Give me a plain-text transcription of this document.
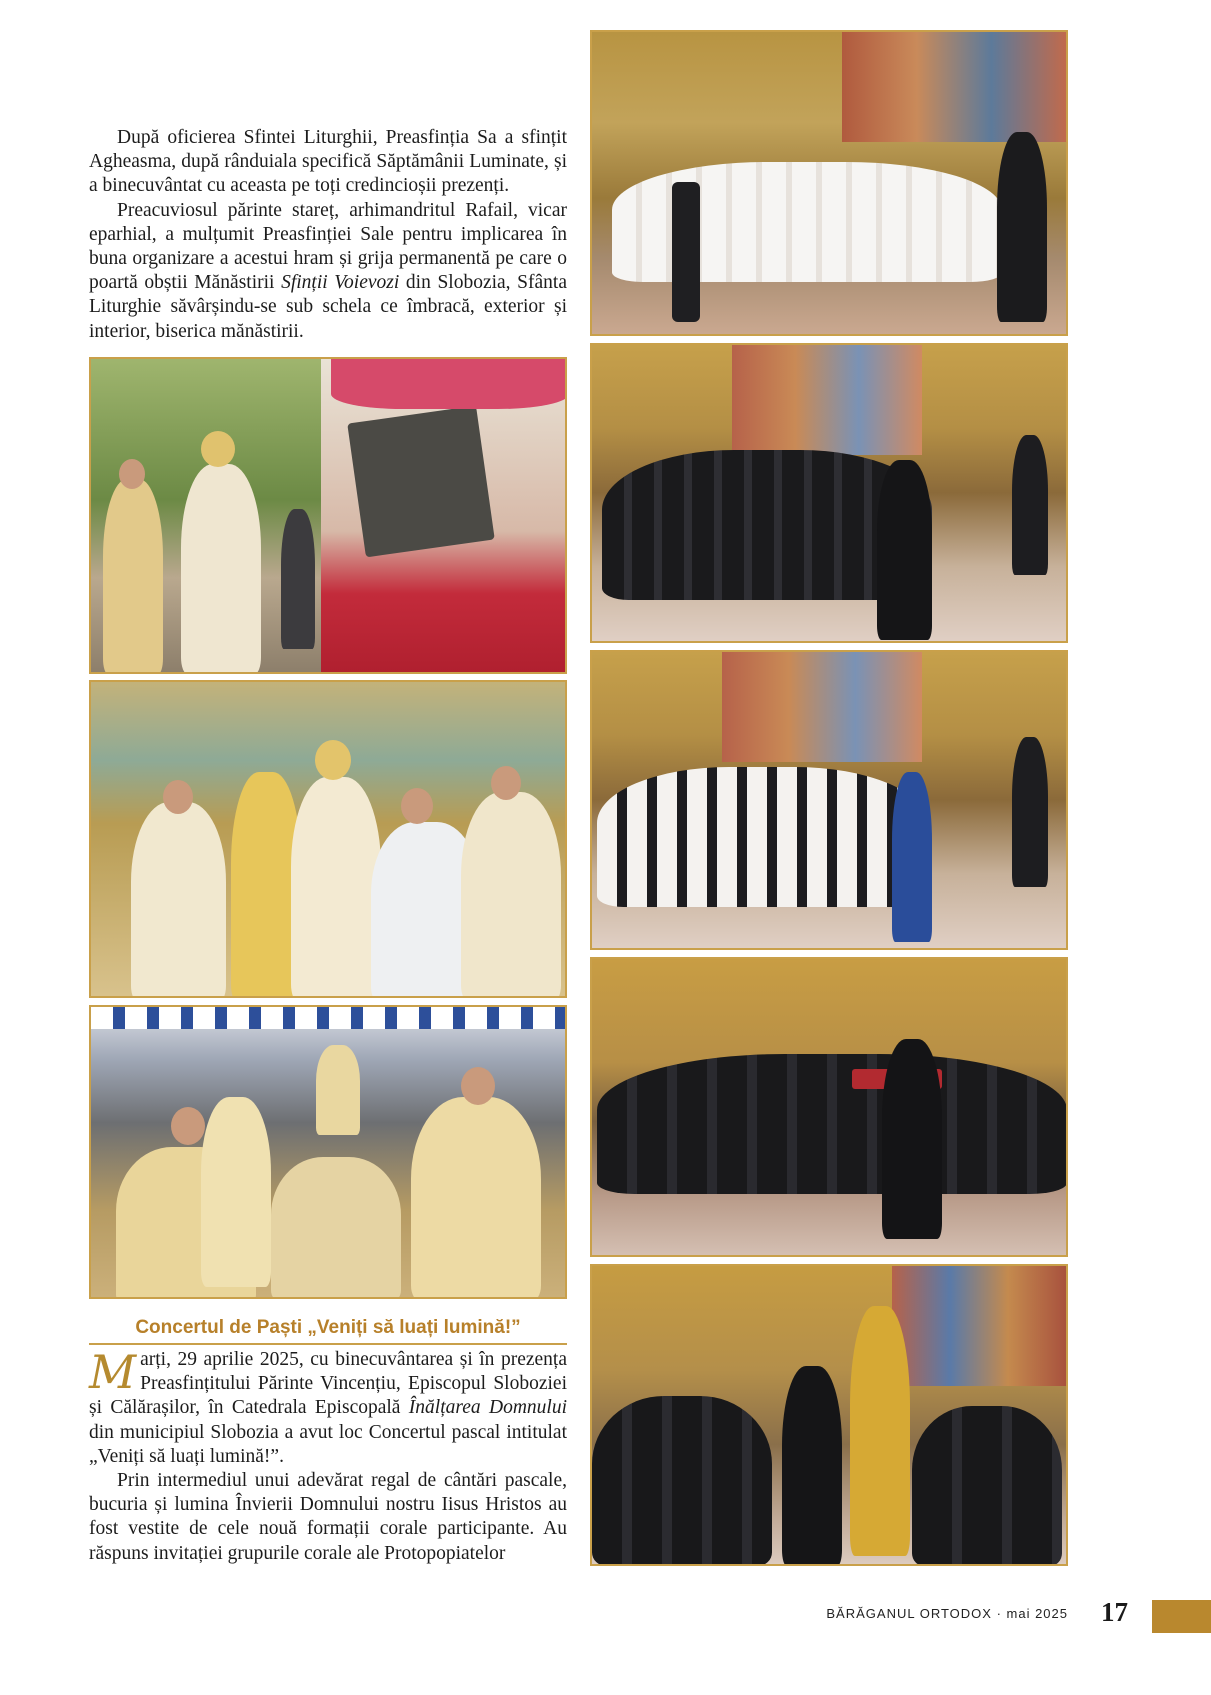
După oficierea Sfintei Liturghii, Preasfinția Sa a sfințit Agheasma, după rânduiala specifică Săptămânii Luminate, și a binecuvântat cu aceasta pe toți credincioșii prezenți.

Preacuviosul părinte stareț, arhimandritul Rafail, vicar eparhial, a mulțumit Preasfinției Sale pentru implicarea în buna organizare a acestui hram și grija permanentă pe care o poartă obștii Mănăstirii Sfinții Voievozi din Slobozia, Sfânta Liturghie săvârșindu-se sub schela ce îmbracă, exterior și interior, biserica mănăstirii.

Concertul de Paști „Veniți să luați lumină!”

Marți, 29 aprilie 2025, cu binecuvântarea și în prezența Preasfințitului Părinte Vincențiu, Episcopul Sloboziei și Călărașilor, în Catedrala Episcopală Înălțarea Domnului din municipiul Slobozia a avut loc Concertul pascal intitulat „Veniți să luați lumină!”.

Prin intermediul unui adevărat regal de cântări pascale, bucuria și lumina Învierii Domnului nostru Iisus Hristos au fost vestite de cele nouă formații corale participante. Au răspuns invitației grupurile corale ale Protopopiatelor

BĂRĂGANUL ORTODOX · mai 2025 17
